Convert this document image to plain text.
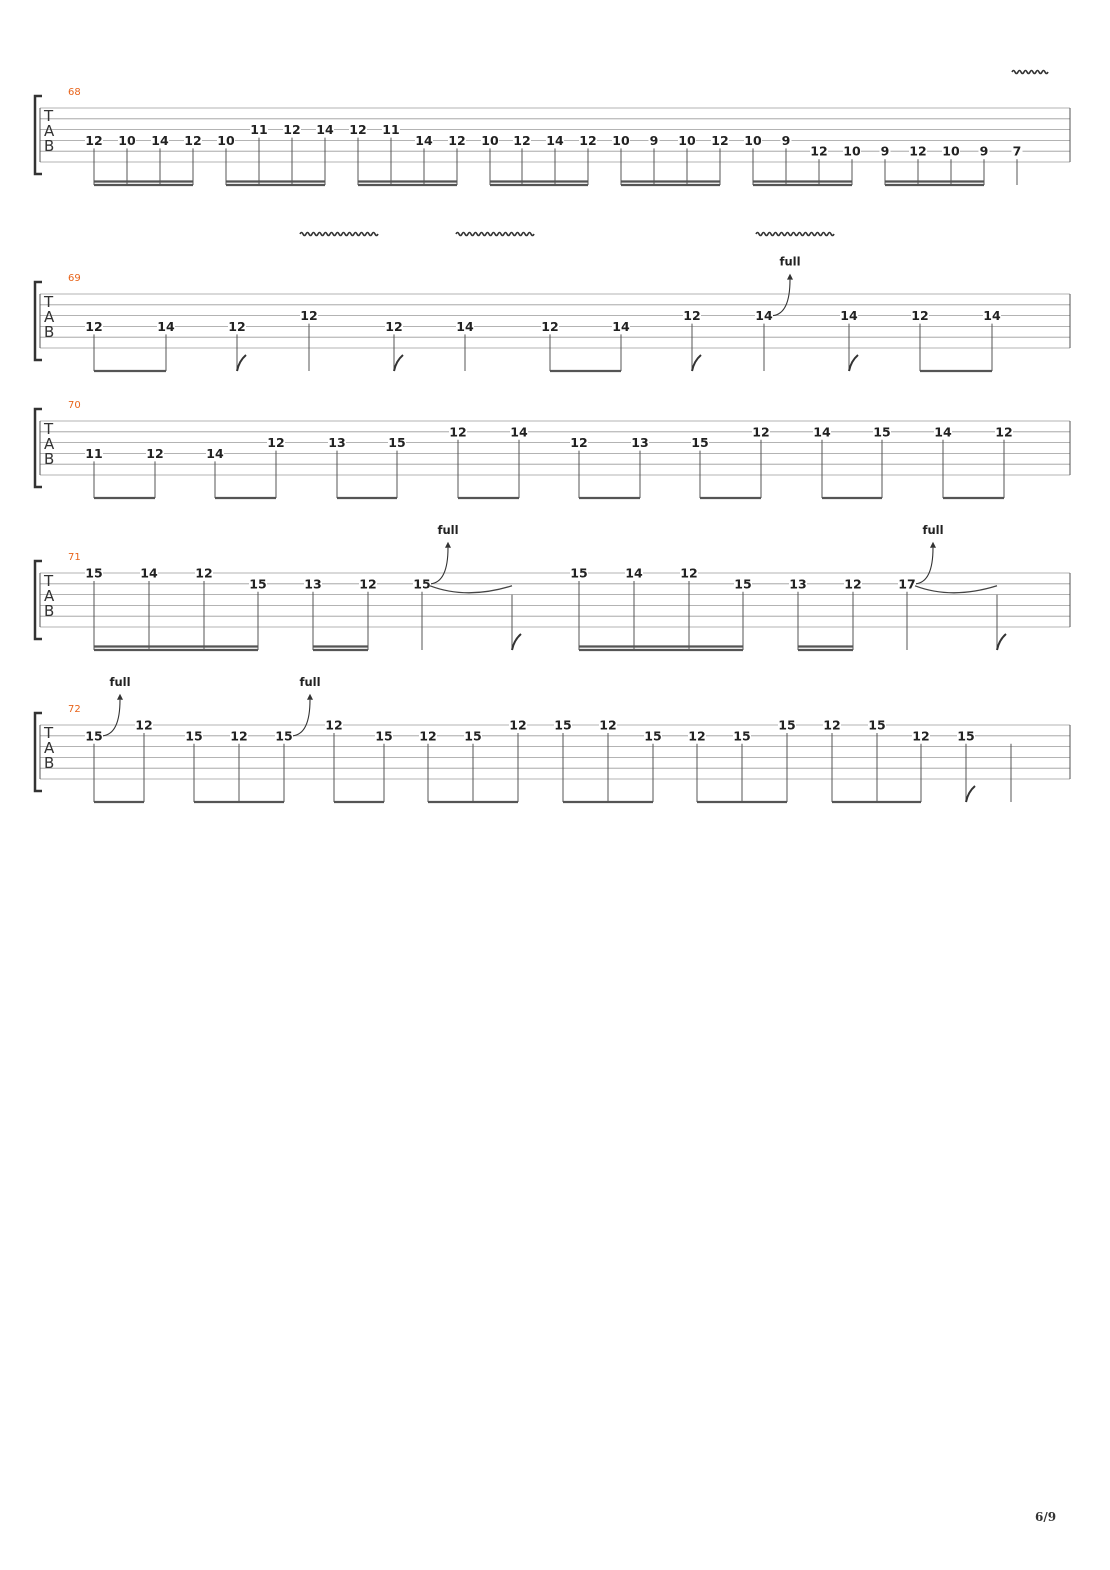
T
A
B
68
12 10 14 12 10
11 12 14 12 11
14 12 10 12 14 12 10 9 10 12 10 9
12 10 9 12 10 9 7
T
A
B
69
12	14	12
12
12	14	12	14
12	14	14	12	14
full
T
A
B
70
11	12	14
12	13	15
12	14
12	13	15
12	14	15	14	12
T
A
B
71
15	14	12
15	13	12	15
15	14	12
15	13	12	17
full	full
T
A
B
72
15
12
15 12 15
12
15 12 15
12 15 12
15 12 15
15 12 15
12 15
full	full
6/9
